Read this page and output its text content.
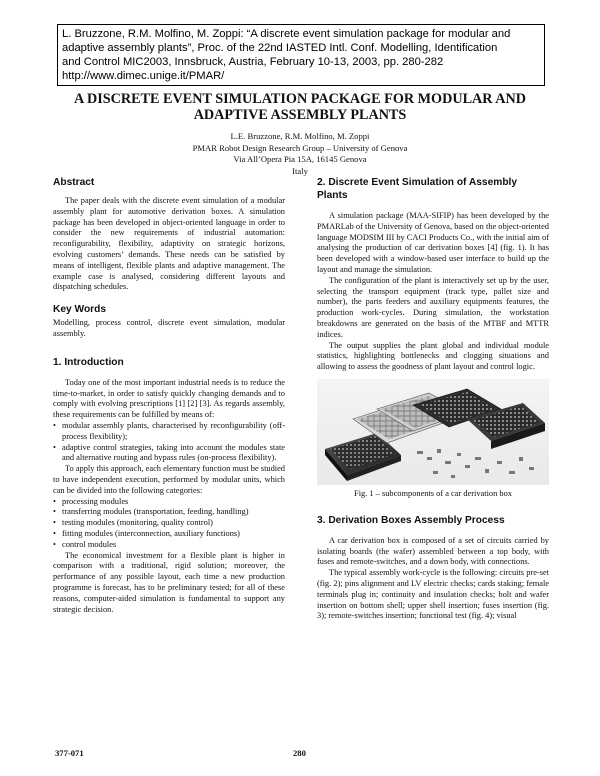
L. Bruzzone, R.M. Molfino, M. Zoppi: “A discrete event simulation package for modular and
adaptive assembly plants”, Proc. of the 22nd IASTED Intl. Conf. Modelling, Identification
and Control MIC2003, Innsbruck, Austria, February 10-13, 2003, pp. 280-282
http://www.dimec.unige.it/PMAR/
A DISCRETE EVENT SIMULATION PACKAGE FOR MODULAR AND
ADAPTIVE ASSEMBLY PLANTS
L.E. Bruzzone, R.M. Molfino, M. Zoppi
PMAR Robot Design Research Group – University of Genova
Via All’Opera Pia 15A, 16145 Genova
Italy
Abstract

The paper deals with the discrete event simulation of a modular assembly plant for automotive derivation boxes. A simulation package has been developed in object-oriented language in order to consider the new requirements of industrial automation: reconfigurability, flexibility, adaptivity on strategic horizons, evolving customers’ demands. These needs can be satisfied by means of intelligent, flexible plants and adaptive management. The example case is analysed, considering different layouts and dispatching schedules.

Key Words

Modelling, process control, discrete event simulation, modular assembly.

1. Introduction

Today one of the most important industrial needs is to reduce the time-to-market, in order to satisfy quickly changing demands and to comply with evolving prescriptions [1] [2] [3]. As regards assembly, these requirements can be fulfilled by means of:

• modular assembly plants, characterised by reconfigurability (off-process flexibility);
• adaptive control strategies, taking into account the modules state and alternative routing and bypass rules (on-process flexibility).

To apply this approach, each elementary function must be studied to have independent execution, performed by modular units, which can be divided into the following categories:

• processing modules
• transferring modules (transportation, feeding, handling)
• testing modules (monitoring, quality control)
• fitting modules (interconnection, auxiliary functions)
• control modules

The economical investment for a flexible plant is higher in comparison with a traditional, rigid solution; moreover, the performance of any possible layout, each time a new production programme is forecast, has to be preliminary tested; for all of these reasons, computer-aided simulation is fundamental to support any strategic decision.

2. Discrete Event Simulation of Assembly Plants

A simulation package (MAA-SIFIP) has been developed by the PMARLab of the University of Genova, based on the object-oriented language MODSIM III by CACI Products Co., with the initial aim of analysing the production of car derivation boxes [4] (fig. 1). It has been developed with a window-based user interface to build up the layout and manage the simulation.

The configuration of the plant is interactively set up by the user, selecting the transport equipment (track type, pallet size and number), the parts feeders and auxiliary equipments features, the production work-cycles. During simulation, the workstation breakdowns are generated on the basis of the MTBF and MTTR indices.

The output supplies the plant global and individual module statistics, highlighting bottlenecks and clogging situations and allowing to assess the goodness of plant layout and control logic.

Fig. 1 – subcomponents of a car derivation box
3. Derivation Boxes Assembly Process

A car derivation box is composed of a set of circuits carried by isolating boards (the wafer) assembled between a top body, with fuses and remote-switches, and a down body, with connections.

The typical assembly work-cycle is the following: circuits pre-set (fig. 2); pins alignment and LV electric checks; cards staking; female terminals plug in; continuity and insulation checks; bolt and wafer insertion on bottom shell; upper shell insertion; fuses insertion (fig. 3); remote-switches insertion; functional test (fig. 4); visual

377-071	280
